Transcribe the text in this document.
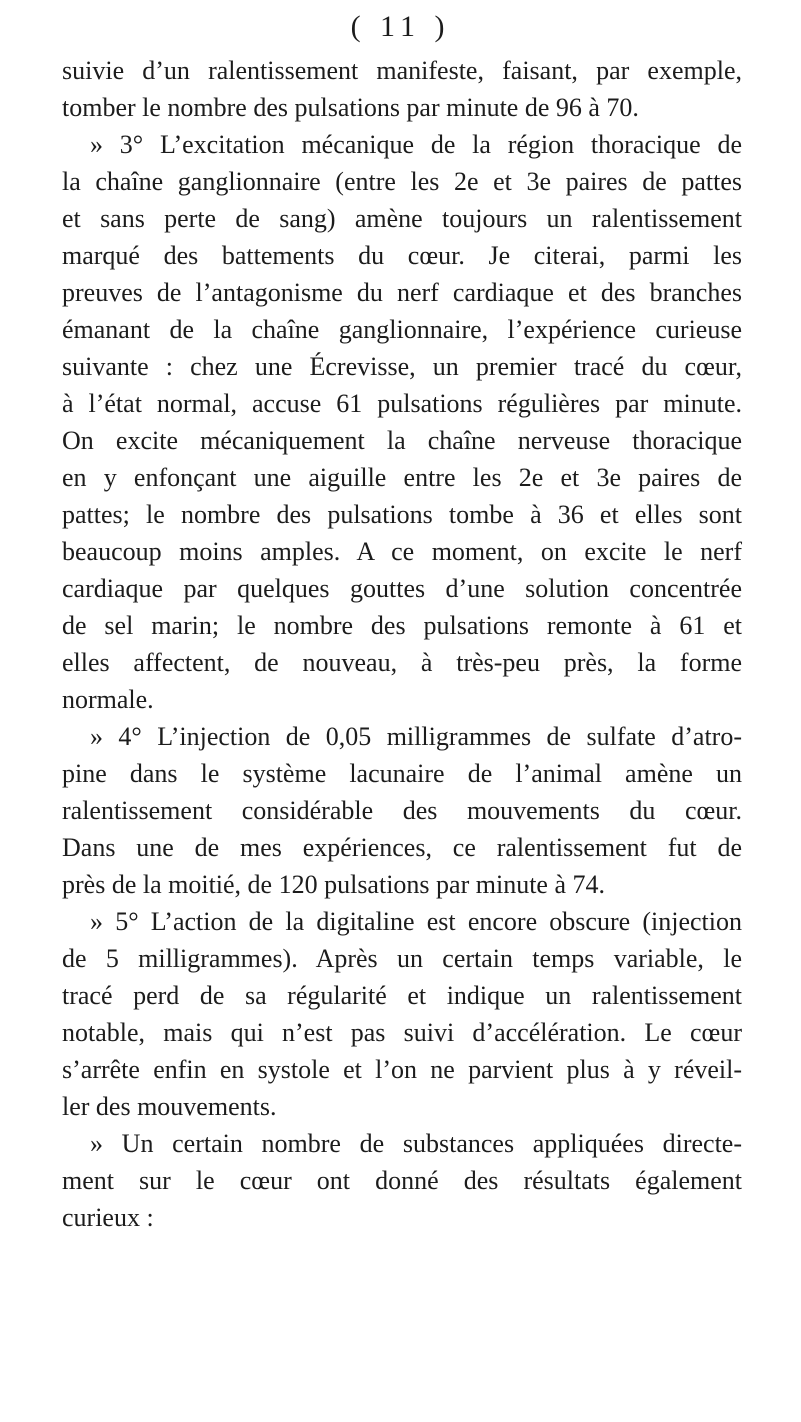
( 11 )
suivie d’un ralentissement manifeste, faisant, par exemple,
tomber le nombre des pulsations par minute de 96 à 70.
» 3° L’excitation mécanique de la région thoracique de
la chaîne ganglionnaire (entre les 2e et 3e paires de pattes
et sans perte de sang) amène toujours un ralentissement
marqué des battements du cœur. Je citerai, parmi les
preuves de l’antagonisme du nerf cardiaque et des branches
émanant de la chaîne ganglionnaire, l’expérience curieuse
suivante : chez une Écrevisse, un premier tracé du cœur,
à l’état normal, accuse 61 pulsations régulières par minute.
On excite mécaniquement la chaîne nerveuse thoracique
en y enfonçant une aiguille entre les 2e et 3e paires de
pattes; le nombre des pulsations tombe à 36 et elles sont
beaucoup moins amples. A ce moment, on excite le nerf
cardiaque par quelques gouttes d’une solution concentrée
de sel marin; le nombre des pulsations remonte à 61 et
elles affectent, de nouveau, à très-peu près, la forme
normale.
» 4° L’injection de 0,05 milligrammes de sulfate d’atro-
pine dans le système lacunaire de l’animal amène un
ralentissement considérable des mouvements du cœur.
Dans une de mes expériences, ce ralentissement fut de
près de la moitié, de 120 pulsations par minute à 74.
» 5° L’action de la digitaline est encore obscure (injection
de 5 milligrammes). Après un certain temps variable, le
tracé perd de sa régularité et indique un ralentissement
notable, mais qui n’est pas suivi d’accélération. Le cœur
s’arrête enfin en systole et l’on ne parvient plus à y réveil-
ler des mouvements.
» Un certain nombre de substances appliquées directe-
ment sur le cœur ont donné des résultats également
curieux :
